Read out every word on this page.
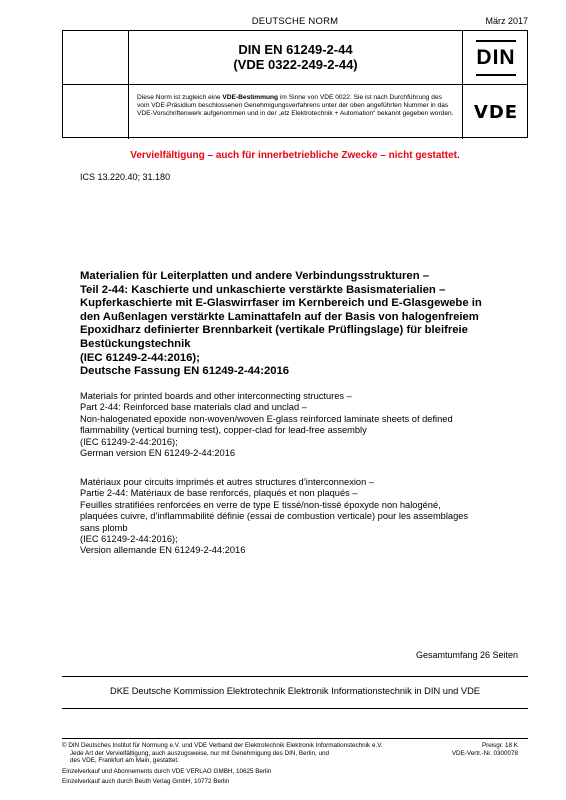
DEUTSCHE NORM	März 2017
DIN EN 61249-2-44
(VDE 0322-249-2-44)	DIN
Diese Norm ist zugleich eine VDE-Bestimmung im Sinne von VDE 0022. Sie ist nach Durchführung des vom VDE-Präsidium beschlossenen Genehmigungsverfahrens unter der oben angeführten Nummer in das VDE-Vorschriftenwerk aufgenommen und in der „etz Elektrotechnik + Automation“ bekannt gegeben worden.	VDE
Vervielfältigung – auch für innerbetriebliche Zwecke – nicht gestattet.
ICS 13.220.40; 31.180
Materialien für Leiterplatten und andere Verbindungsstrukturen –
Teil 2-44: Kaschierte und unkaschierte verstärkte Basismaterialien –
Kupferkaschierte mit E-Glaswirrfaser im Kernbereich und E-Glasgewebe in
den Außenlagen verstärkte Laminattafeln auf der Basis von halogenfreiem
Epoxidharz definierter Brennbarkeit (vertikale Prüflingslage) für bleifreie
Bestückungstechnik
(IEC 61249-2-44:2016);
Deutsche Fassung EN 61249-2-44:2016
Materials for printed boards and other interconnecting structures –
Part 2-44: Reinforced base materials clad and unclad –
Non-halogenated epoxide non-woven/woven E-glass reinforced laminate sheets of defined
flammability (vertical burning test), copper-clad for lead-free assembly
(IEC 61249-2-44:2016);
German version EN 61249-2-44:2016
Matériaux pour circuits imprimés et autres structures d’interconnexion –
Partie 2-44: Matériaux de base renforcés, plaqués et non plaqués –
Feuilles stratifiées renforcées en verre de type E tissé/non-tissé époxyde non halogéné,
plaquées cuivre, d’inflammabilité définie (essai de combustion verticale) pour les assemblages
sans plomb
(IEC 61249-2-44:2016);
Version allemande EN 61249-2-44:2016
Gesamtumfang 26 Seiten
DKE Deutsche Kommission Elektrotechnik Elektronik Informationstechnik in DIN und VDE
© DIN Deutsches Institut für Normung e.V. und VDE Verband der Elektrotechnik Elektronik Informationstechnik e.V.
Jede Art der Vervielfältigung, auch auszugsweise, nur mit Genehmigung des DIN, Berlin, und
des VDE, Frankfurt am Main, gestattet.
Preisgr. 18 K
VDE-Vertr.-Nr. 0300078
Einzelverkauf und Abonnements durch VDE VERLAG GMBH, 10625 Berlin
Einzelverkauf auch durch Beuth Verlag GmbH, 10772 Berlin
